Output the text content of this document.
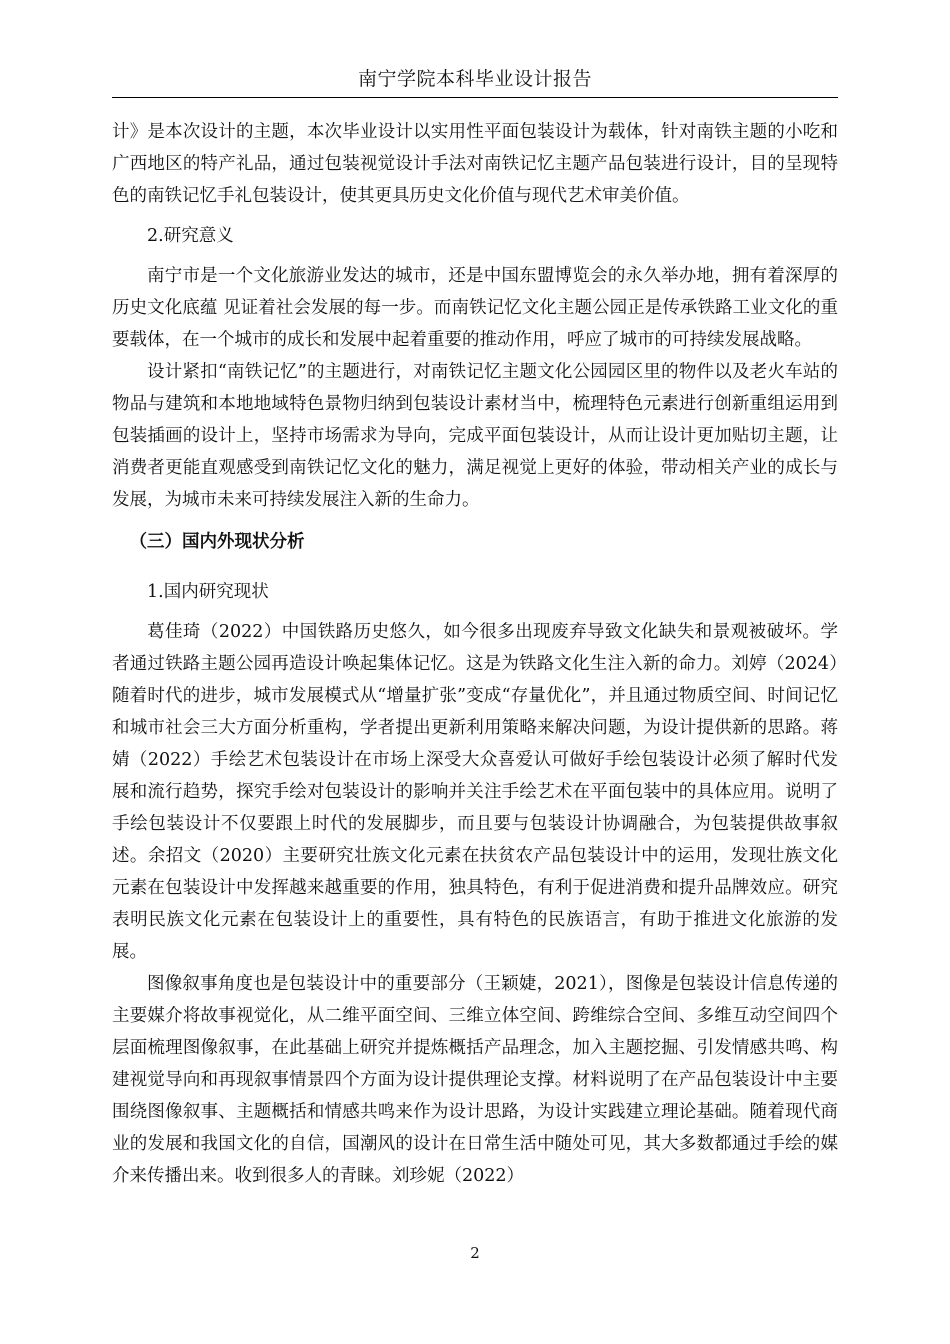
南宁学院本科毕业设计报告

计》是本次设计的主题，本次毕业设计以实用性平面包装设计为载体，针对南铁主题的小吃和广西地区的特产礼品，通过包装视觉设计手法对南铁记忆主题产品包装进行设计，目的呈现特色的南铁记忆手礼包装设计，使其更具历史文化价值与现代艺术审美价值。

2.研究意义

南宁市是一个文化旅游业发达的城市，还是中国东盟博览会的永久举办地，拥有着深厚的历史文化底蕴 见证着社会发展的每一步。而南铁记忆文化主题公园正是传承铁路工业文化的重要载体，在一个城市的成长和发展中起着重要的推动作用，呼应了城市的可持续发展战略。

设计紧扣“南铁记忆”的主题进行，对南铁记忆主题文化公园园区里的物件以及老火车站的物品与建筑和本地地域特色景物归纳到包装设计素材当中，梳理特色元素进行创新重组运用到包装插画的设计上，坚持市场需求为导向，完成平面包装设计，从而让设计更加贴切主题，让消费者更能直观感受到南铁记忆文化的魅力，满足视觉上更好的体验，带动相关产业的成长与发展，为城市未来可持续发展注入新的生命力。

（三）国内外现状分析

1.国内研究现状

葛佳琦（2022）中国铁路历史悠久，如今很多出现废弃导致文化缺失和景观被破坏。学者通过铁路主题公园再造设计唤起集体记忆。这是为铁路文化生注入新的命力。刘婷（2024）随着时代的进步，城市发展模式从“增量扩张”变成“存量优化”，并且通过物质空间、时间记忆和城市社会三大方面分析重构，学者提出更新利用策略来解决问题，为设计提供新的思路。蒋婧（2022）手绘艺术包装设计在市场上深受大众喜爱认可做好手绘包装设计必须了解时代发展和流行趋势，探究手绘对包装设计的影响并关注手绘艺术在平面包装中的具体应用。说明了手绘包装设计不仅要跟上时代的发展脚步，而且要与包装设计协调融合，为包装提供故事叙述。余招文（2020）主要研究壮族文化元素在扶贫农产品包装设计中的运用，发现壮族文化元素在包装设计中发挥越来越重要的作用，独具特色，有利于促进消费和提升品牌效应。研究表明民族文化元素在包装设计上的重要性，具有特色的民族语言，有助于推进文化旅游的发展。

图像叙事角度也是包装设计中的重要部分（王颖婕，2021），图像是包装设计信息传递的主要媒介将故事视觉化，从二维平面空间、三维立体空间、跨维综合空间、多维互动空间四个层面梳理图像叙事，在此基础上研究并提炼概括产品理念，加入主题挖掘、引发情感共鸣、构建视觉导向和再现叙事情景四个方面为设计提供理论支撑。材料说明了在产品包装设计中主要围绕图像叙事、主题概括和情感共鸣来作为设计思路，为设计实践建立理论基础。随着现代商业的发展和我国文化的自信，国潮风的设计在日常生活中随处可见，其大多数都通过手绘的媒介来传播出来。收到很多人的青睐。刘珍妮（2022）

2
